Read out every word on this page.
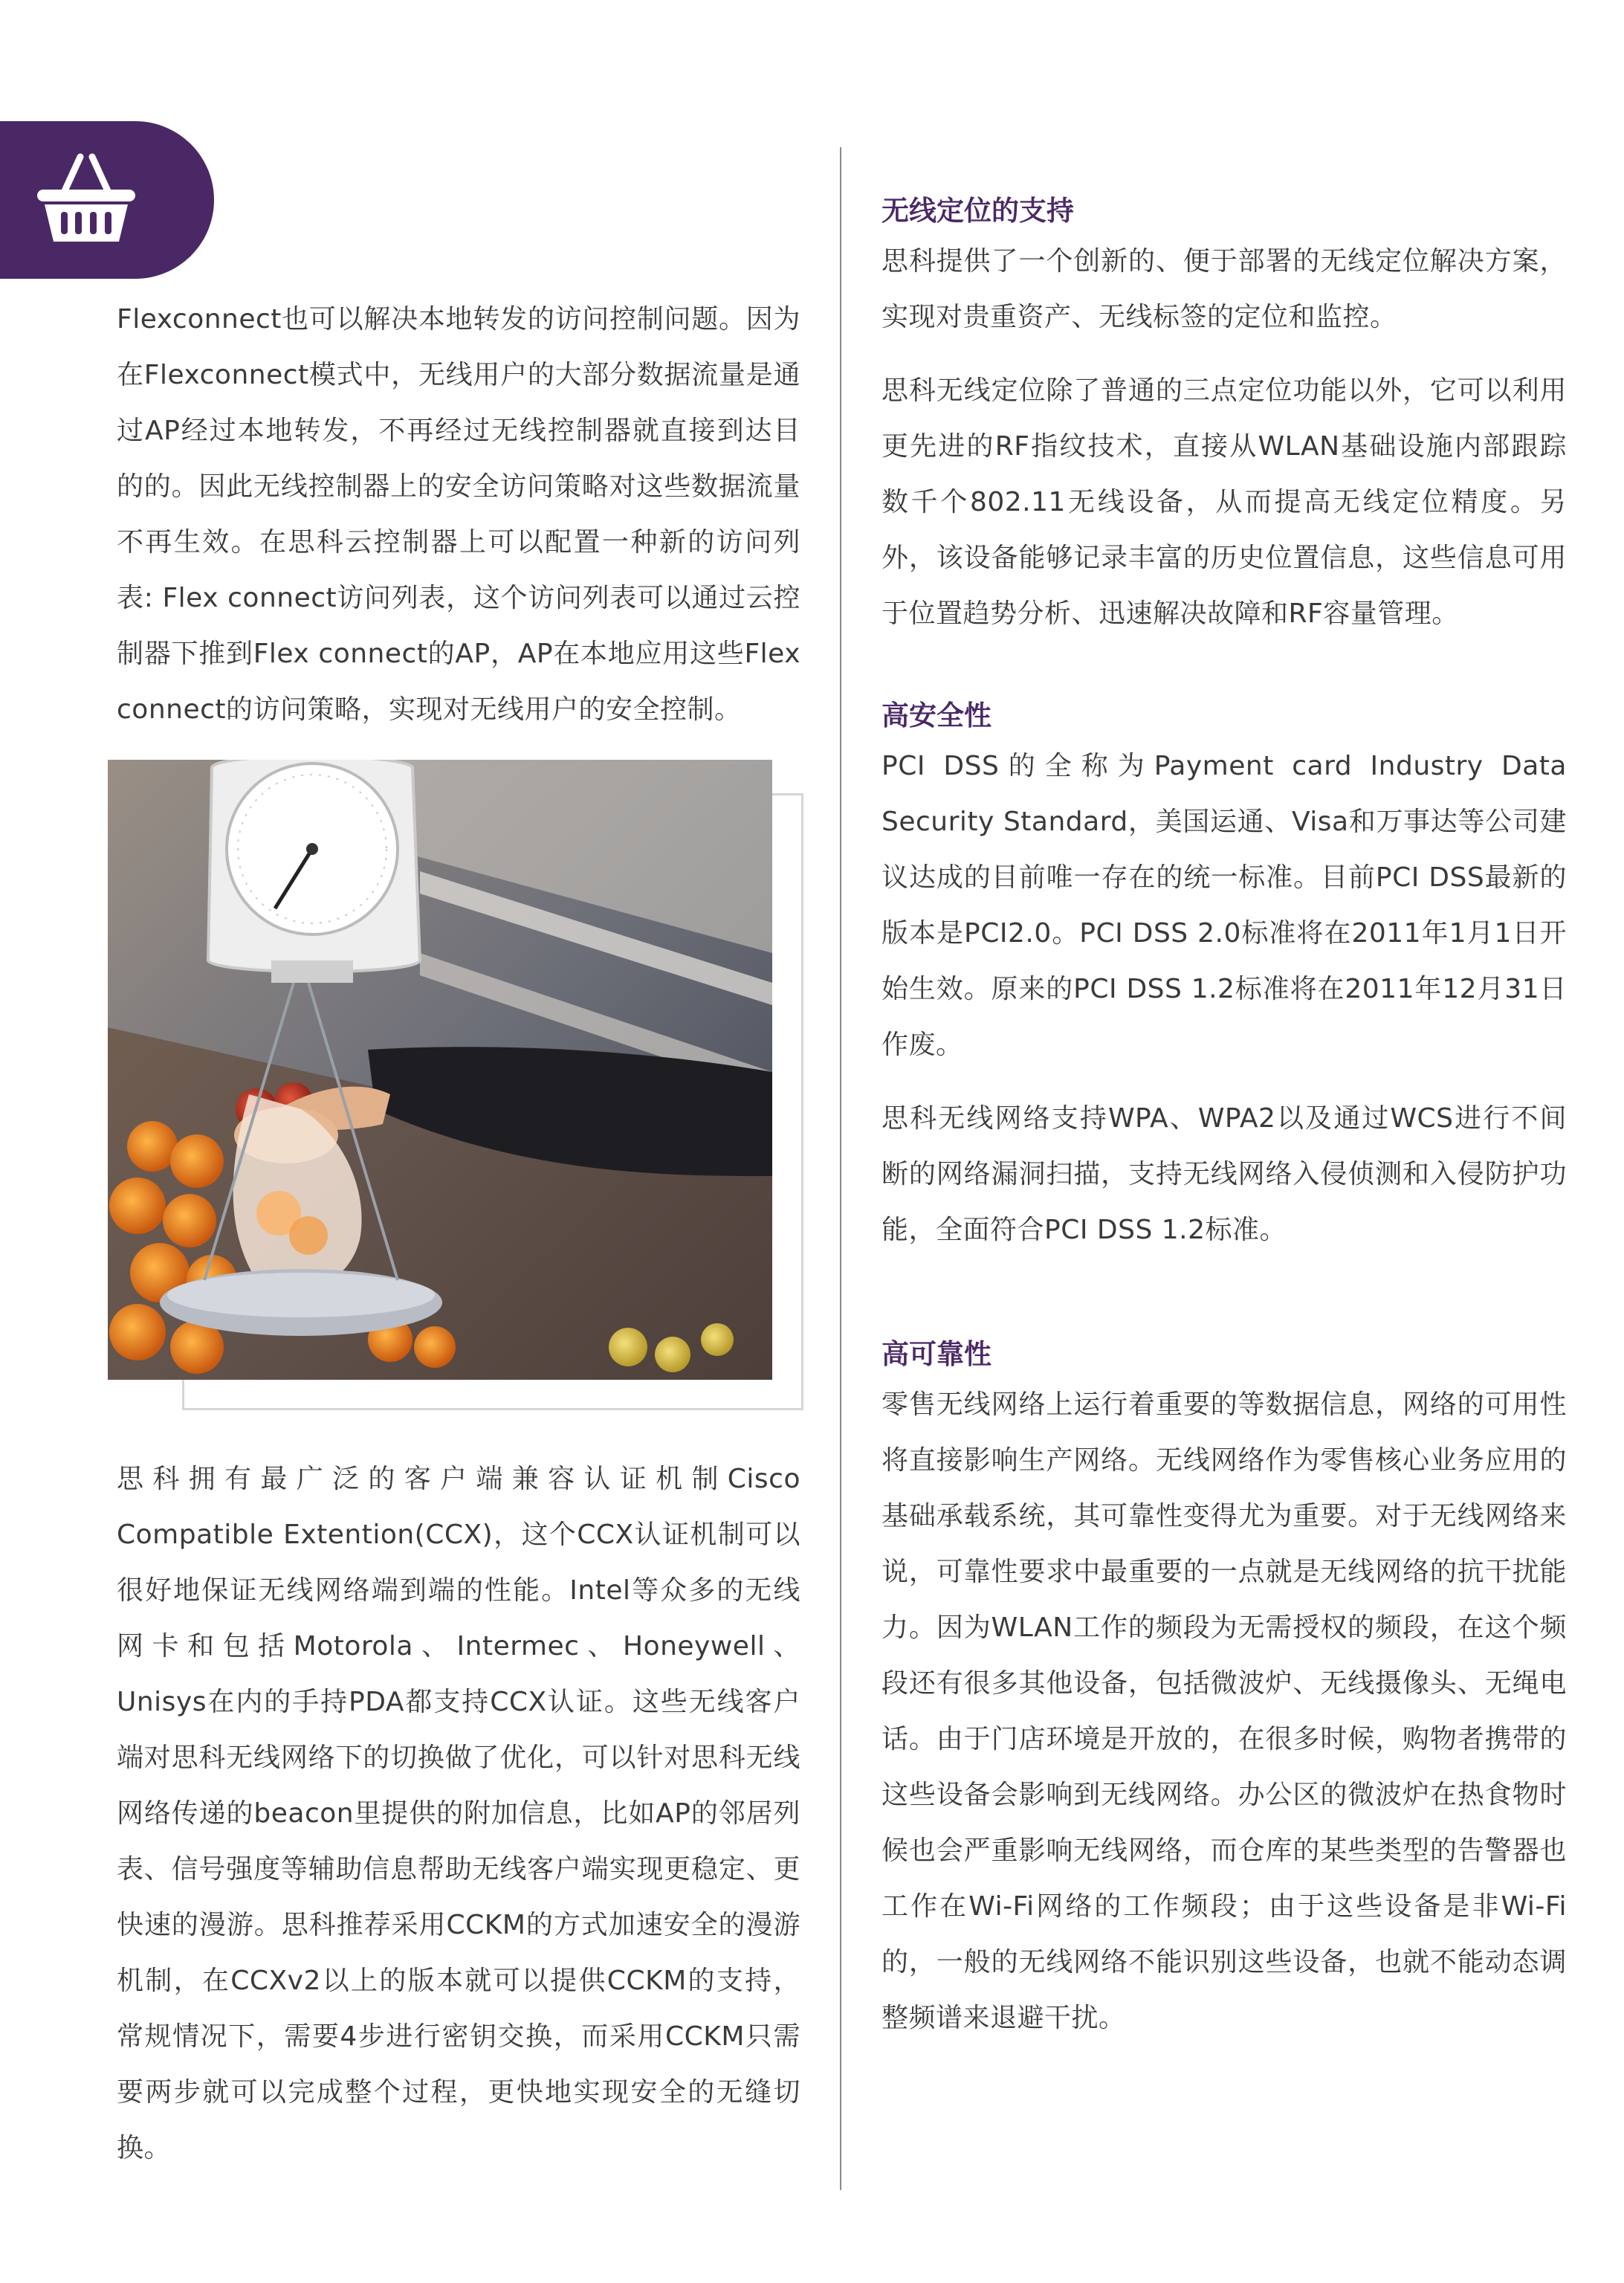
Flexconnect也可以解决本地转发的访问控制问题。因为在Flexconnect模式中，无线用户的大部分数据流量是通过AP经过本地转发，不再经过无线控制器就直接到达目的的。因此无线控制器上的安全访问策略对这些数据流量不再生效。在思科云控制器上可以配置一种新的访问列表: Flex connect访问列表，这个访问列表可以通过云控制器下推到Flex connect的AP，AP在本地应用这些Flex connect的访问策略，实现对无线用户的安全控制。

思科拥有最广泛的客户端兼容认证机制Cisco Compatible Extention(CCX)，这个CCX认证机制可以很好地保证无线网络端到端的性能。Intel等众多的无线网卡和包括Motorola、Intermec、Honeywell、Unisys在内的手持PDA都支持CCX认证。这些无线客户端对思科无线网络下的切换做了优化，可以针对思科无线网络传递的beacon里提供的附加信息，比如AP的邻居列表、信号强度等辅助信息帮助无线客户端实现更稳定、更快速的漫游。思科推荐采用CCKM的方式加速安全的漫游机制，在CCXv2以上的版本就可以提供CCKM的支持，常规情况下，需要4步进行密钥交换，而采用CCKM只需要两步就可以完成整个过程，更快地实现安全的无缝切换。

无线定位的支持

思科提供了一个创新的、便于部署的无线定位解决方案，实现对贵重资产、无线标签的定位和监控。

思科无线定位除了普通的三点定位功能以外，它可以利用更先进的RF指纹技术，直接从WLAN基础设施内部跟踪数千个802.11无线设备，从而提高无线定位精度。另外，该设备能够记录丰富的历史位置信息，这些信息可用于位置趋势分析、迅速解决故障和RF容量管理。

高安全性

PCI DSS的全称为Payment card Industry Data Security Standard，美国运通、Visa和万事达等公司建议达成的目前唯一存在的统一标准。目前PCI DSS最新的版本是PCI2.0。PCI DSS 2.0标准将在2011年1月1日开始生效。原来的PCI DSS 1.2标准将在2011年12月31日作废。

思科无线网络支持WPA、WPA2以及通过WCS进行不间断的网络漏洞扫描，支持无线网络入侵侦测和入侵防护功能，全面符合PCI DSS 1.2标准。

高可靠性

零售无线网络上运行着重要的等数据信息，网络的可用性将直接影响生产网络。无线网络作为零售核心业务应用的基础承载系统，其可靠性变得尤为重要。对于无线网络来说，可靠性要求中最重要的一点就是无线网络的抗干扰能力。因为WLAN工作的频段为无需授权的频段，在这个频段还有很多其他设备，包括微波炉、无线摄像头、无绳电话。由于门店环境是开放的，在很多时候，购物者携带的这些设备会影响到无线网络。办公区的微波炉在热食物时候也会严重影响无线网络，而仓库的某些类型的告警器也工作在Wi-Fi网络的工作频段；由于这些设备是非Wi-Fi的，一般的无线网络不能识别这些设备，也就不能动态调整频谱来退避干扰。
